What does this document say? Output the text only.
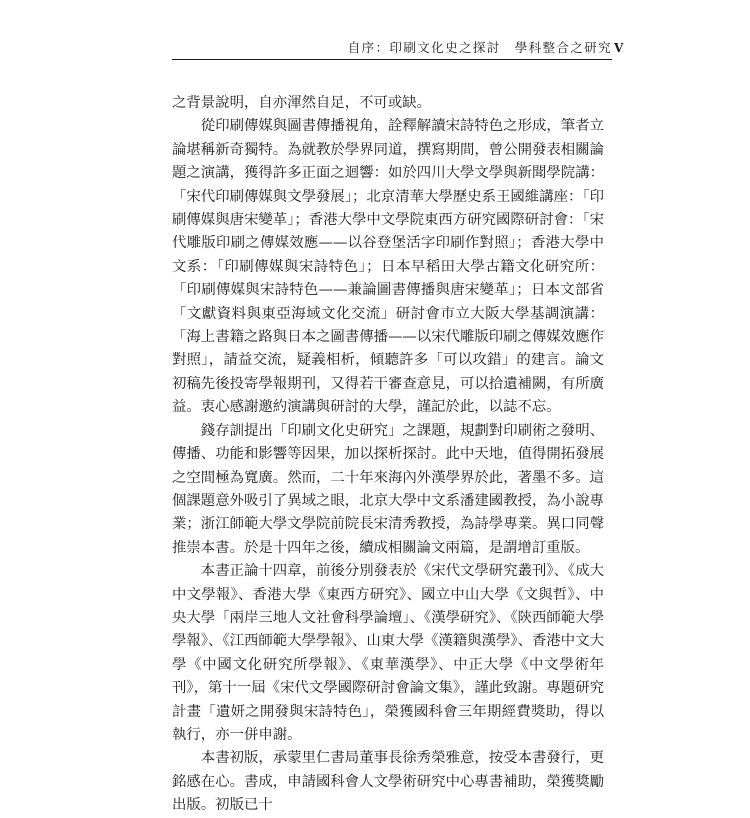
自序：印刷文化史之探討 學科整合之研究 V

之背景說明，自亦渾然自足，不可或缺。

從印刷傳媒與圖書傳播視角，詮釋解讀宋詩特色之形成，筆者立論堪稱新奇獨特。為就教於學界同道，撰寫期間，曾公開發表相關論題之演講，獲得許多正面之迴響：如於四川大學文學與新聞學院講：「宋代印刷傳媒與文學發展」；北京清華大學歷史系王國維講座：「印刷傳媒與唐宋變革」；香港大學中文學院東西方研究國際研討會：「宋代雕版印刷之傳媒效應——以谷登堡活字印刷作對照」；香港大學中文系：「印刷傳媒與宋詩特色」；日本早稻田大學古籍文化研究所：「印刷傳媒與宋詩特色——兼論圖書傳播與唐宋變革」；日本文部省「文獻資料與東亞海域文化交流」研討會市立大阪大學基調演講：「海上書籍之路與日本之圖書傳播——以宋代雕版印刷之傳媒效應作對照」，請益交流，疑義相析，傾聽許多「可以攻錯」的建言。論文初稿先後投寄學報期刊，又得若干審查意見，可以拾遺補闕，有所廣益。衷心感謝邀約演講與研討的大學，謹記於此，以誌不忘。

錢存訓提出「印刷文化史研究」之課題，規劃對印刷術之發明、傳播、功能和影響等因果，加以探析探討。此中天地，值得開拓發展之空間極為寬廣。然而，二十年來海內外漢學界於此，著墨不多。這個課題意外吸引了異域之眼，北京大學中文系潘建國教授，為小說專業；浙江師範大學文學院前院長宋清秀教授，為詩學專業。異口同聲推崇本書。於是十四年之後，續成相關論文兩篇，是謂增訂重版。

本書正論十四章，前後分別發表於《宋代文學研究叢刊》、《成大中文學報》、香港大學《東西方研究》、國立中山大學《文與哲》、中央大學「兩岸三地人文社會科學論壇」、《漢學研究》、《陝西師範大學學報》、《江西師範大學學報》、山東大學《漢籍與漢學》、香港中文大學《中國文化研究所學報》、《東華漢學》、中正大學《中文學術年刊》，第十一屆《宋代文學國際研討會論文集》，謹此致謝。專題研究計畫「遺妍之開發與宋詩特色」，榮獲國科會三年期經費獎助，得以執行，亦一併申謝。

本書初版，承蒙里仁書局董事長徐秀榮雅意，按受本書發行，更銘感在心。書成，申請國科會人文學術研究中心專書補助，榮獲獎勵出版。初版已十
